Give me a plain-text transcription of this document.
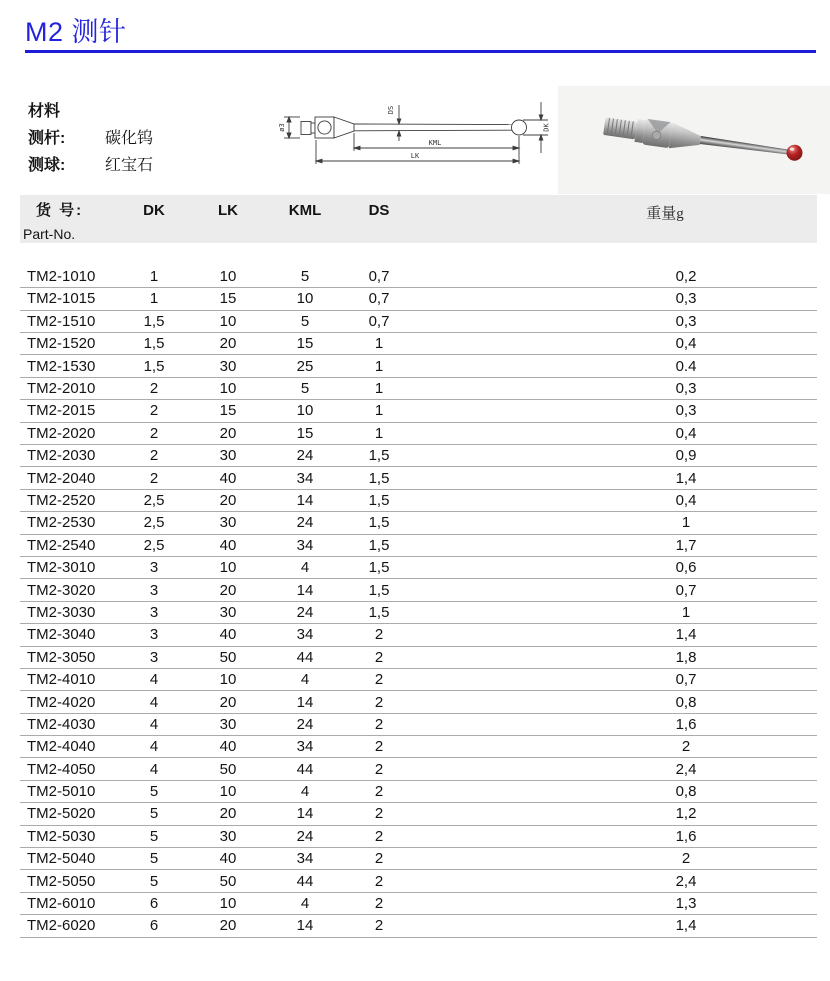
M2 测针
材料
测杆:	碳化钨
测球:	红宝石
ø3
DS
DK
KML
LK
货 号:
Part-No.	DK	LK	KML	DS	重量g

TM2-1010	1	10	5	0,7	0,2
TM2-1015	1	15	10	0,7	0,3
TM2-1510	1,5	10	5	0,7	0,3
TM2-1520	1,5	20	15	1	0,4
TM2-1530	1,5	30	25	1	0.4
TM2-2010	2	10	5	1	0,3
TM2-2015	2	15	10	1	0,3
TM2-2020	2	20	15	1	0,4
TM2-2030	2	30	24	1,5	0,9
TM2-2040	2	40	34	1,5	1,4
TM2-2520	2,5	20	14	1,5	0,4
TM2-2530	2,5	30	24	1,5	1
TM2-2540	2,5	40	34	1,5	1,7
TM2-3010	3	10	4	1,5	0,6
TM2-3020	3	20	14	1,5	0,7
TM2-3030	3	30	24	1,5	1
TM2-3040	3	40	34	2	1,4
TM2-3050	3	50	44	2	1,8
TM2-4010	4	10	4	2	0,7
TM2-4020	4	20	14	2	0,8
TM2-4030	4	30	24	2	1,6
TM2-4040	4	40	34	2	2
TM2-4050	4	50	44	2	2,4
TM2-5010	5	10	4	2	0,8
TM2-5020	5	20	14	2	1,2
TM2-5030	5	30	24	2	1,6
TM2-5040	5	40	34	2	2
TM2-5050	5	50	44	2	2,4
TM2-6010	6	10	4	2	1,3
TM2-6020	6	20	14	2	1,4
